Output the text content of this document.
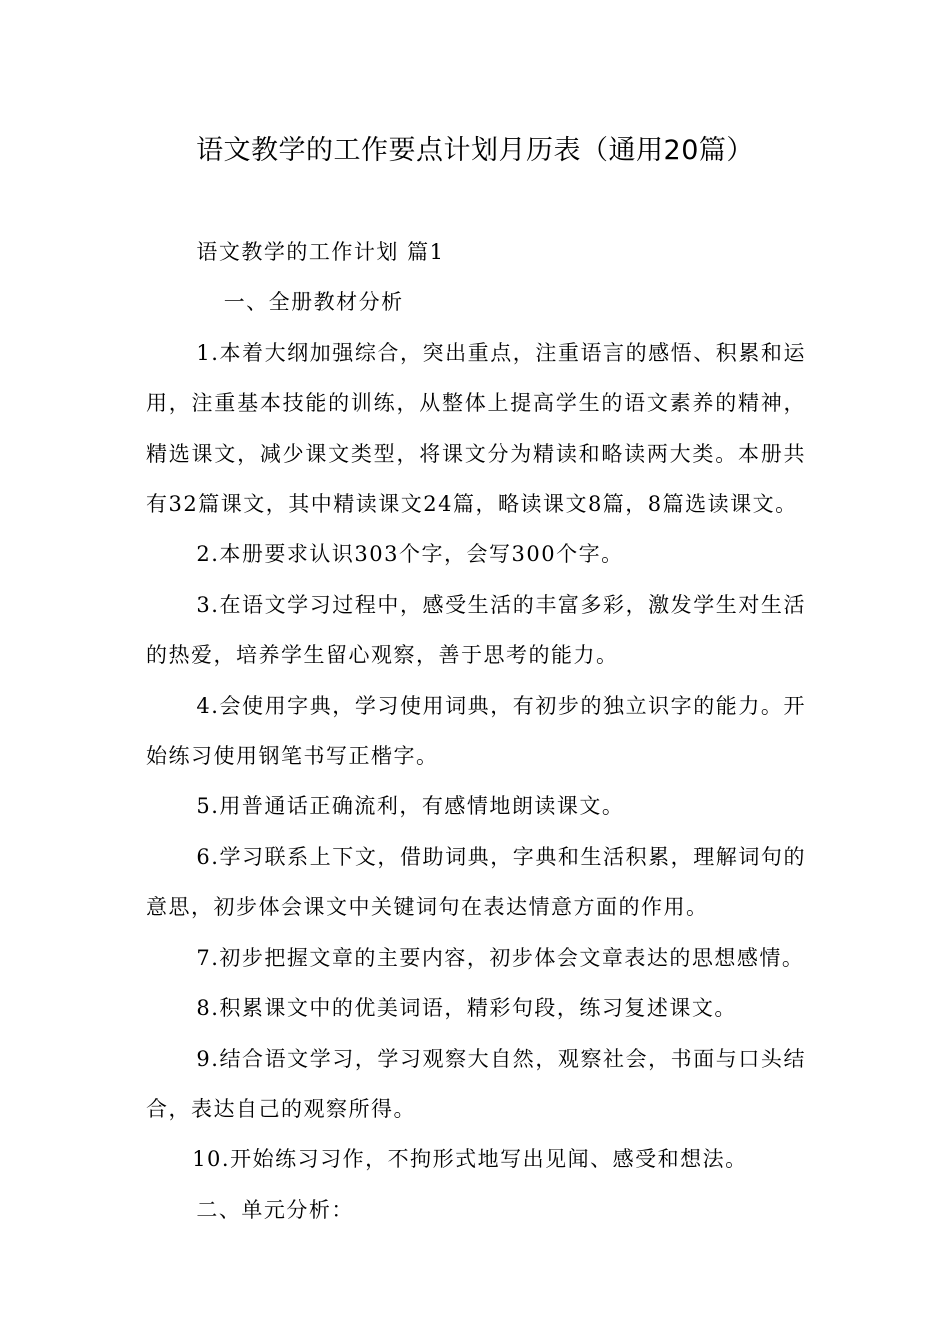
语文教学的工作要点计划月历表（通用20篇）

语文教学的工作计划 篇1

一、全册教材分析

1.本着大纲加强综合，突出重点，注重语言的感悟、积累和运用，注重基本技能的训练，从整体上提高学生的语文素养的精神，精选课文，减少课文类型，将课文分为精读和略读两大类。本册共有32篇课文，其中精读课文24篇，略读课文8篇，8篇选读课文。

2.本册要求认识303个字，会写300个字。

3.在语文学习过程中，感受生活的丰富多彩，激发学生对生活的热爱，培养学生留心观察，善于思考的能力。

4.会使用字典，学习使用词典，有初步的独立识字的能力。开始练习使用钢笔书写正楷字。

5.用普通话正确流利，有感情地朗读课文。

6.学习联系上下文，借助词典，字典和生活积累，理解词句的意思，初步体会课文中关键词句在表达情意方面的作用。

7.初步把握文章的主要内容，初步体会文章表达的思想感情。

8.积累课文中的优美词语，精彩句段，练习复述课文。

9.结合语文学习，学习观察大自然，观察社会，书面与口头结合，表达自己的观察所得。

10.开始练习习作，不拘形式地写出见闻、感受和想法。

二、单元分析：
